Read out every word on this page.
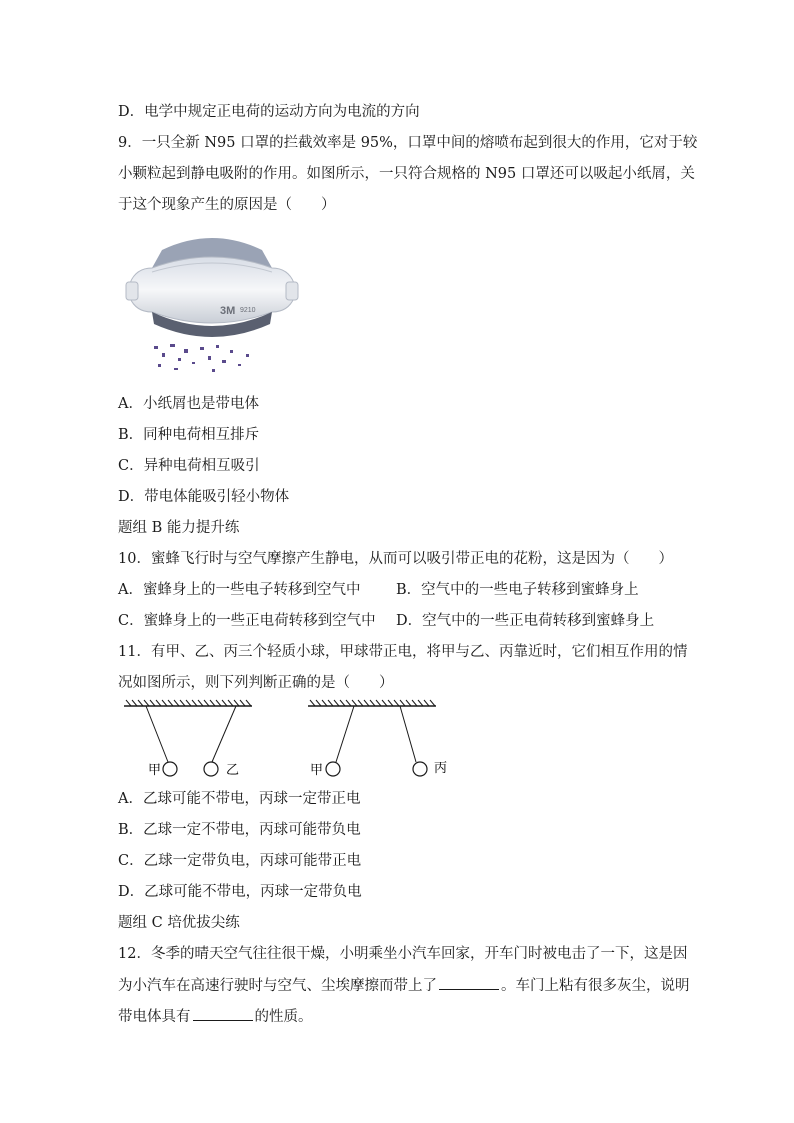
D．电学中规定正电荷的运动方向为电流的方向
9．一只全新 N95 口罩的拦截效率是 95%，口罩中间的熔喷布起到很大的作用，它对于较
小颗粒起到静电吸附的作用。如图所示，一只符合规格的 N95 口罩还可以吸起小纸屑，关
于这个现象产生的原因是（　　）
3M 9210
A．小纸屑也是带电体
B．同种电荷相互排斥
C．异种电荷相互吸引
D．带电体能吸引轻小物体
题组 B 能力提升练
10．蜜蜂飞行时与空气摩擦产生静电，从而可以吸引带正电的花粉，这是因为（　　）
A．蜜蜂身上的一些电子转移到空气中 B．空气中的一些电子转移到蜜蜂身上
C．蜜蜂身上的一些正电荷转移到空气中 D．空气中的一些正电荷转移到蜜蜂身上
11．有甲、乙、丙三个轻质小球，甲球带正电，将甲与乙、丙靠近时，它们相互作用的情
况如图所示，则下列判断正确的是（　　）
甲	乙	甲	丙
A．乙球可能不带电，丙球一定带正电
B．乙球一定不带电，丙球可能带负电
C．乙球一定带负电，丙球可能带正电
D．乙球可能不带电，丙球一定带负电
题组 C 培优拔尖练
12．冬季的晴天空气往往很干燥，小明乘坐小汽车回家，开车门时被电击了一下，这是因
为小汽车在高速行驶时与空气、尘埃摩擦而带上了	。车门上粘有很多灰尘，说明
带电体具有	的性质。
